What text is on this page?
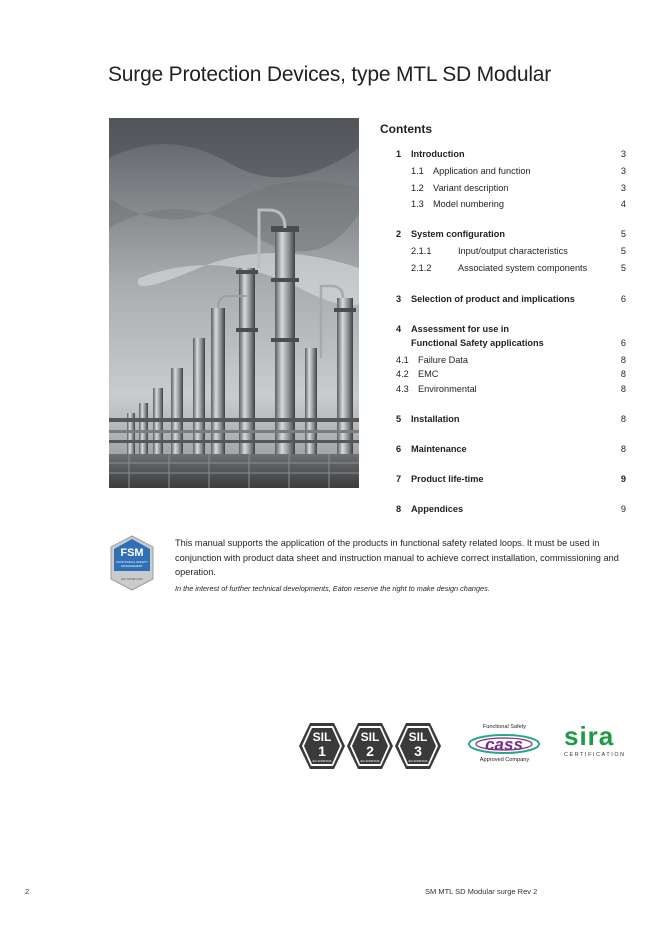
Surge Protection Devices, type MTL SD Modular
Contents
1 Introduction	3
1.1 Application and function	3
1.2 Variant description	3
1.3 Model numbering	4
2 System configuration	5
2.1.1	Input/output characteristics	5
2.1.2	Associated system components	5
3 Selection of product and implications	6
4 Assessment for use in
Functional Safety applications	6
4.1 Failure Data	8
4.2 EMC	8
4.3 Environmental	8
5 Installation	8
6 Maintenance	8
7 Product life-time	9
8 Appendices	9
FSM
FUNCTIONAL SAFETY
MANAGEMENT
IEC 61508:2010
This manual supports the application of the products in functional safety related loops. It must be used in conjunction with product data sheet and instruction manual to achieve correct installation, commissioning and operation.
In the interest of further technical developments, Eaton reserve the right to make design changes.
SIL
1
IEC 61508:2010
SIL
2
IEC 61508:2010
SIL
3
IEC 61508:2010
Functional Safety
cass
Approved Company
sira
CERTIFICATION
2	SM MTL SD Modular surge Rev 2
